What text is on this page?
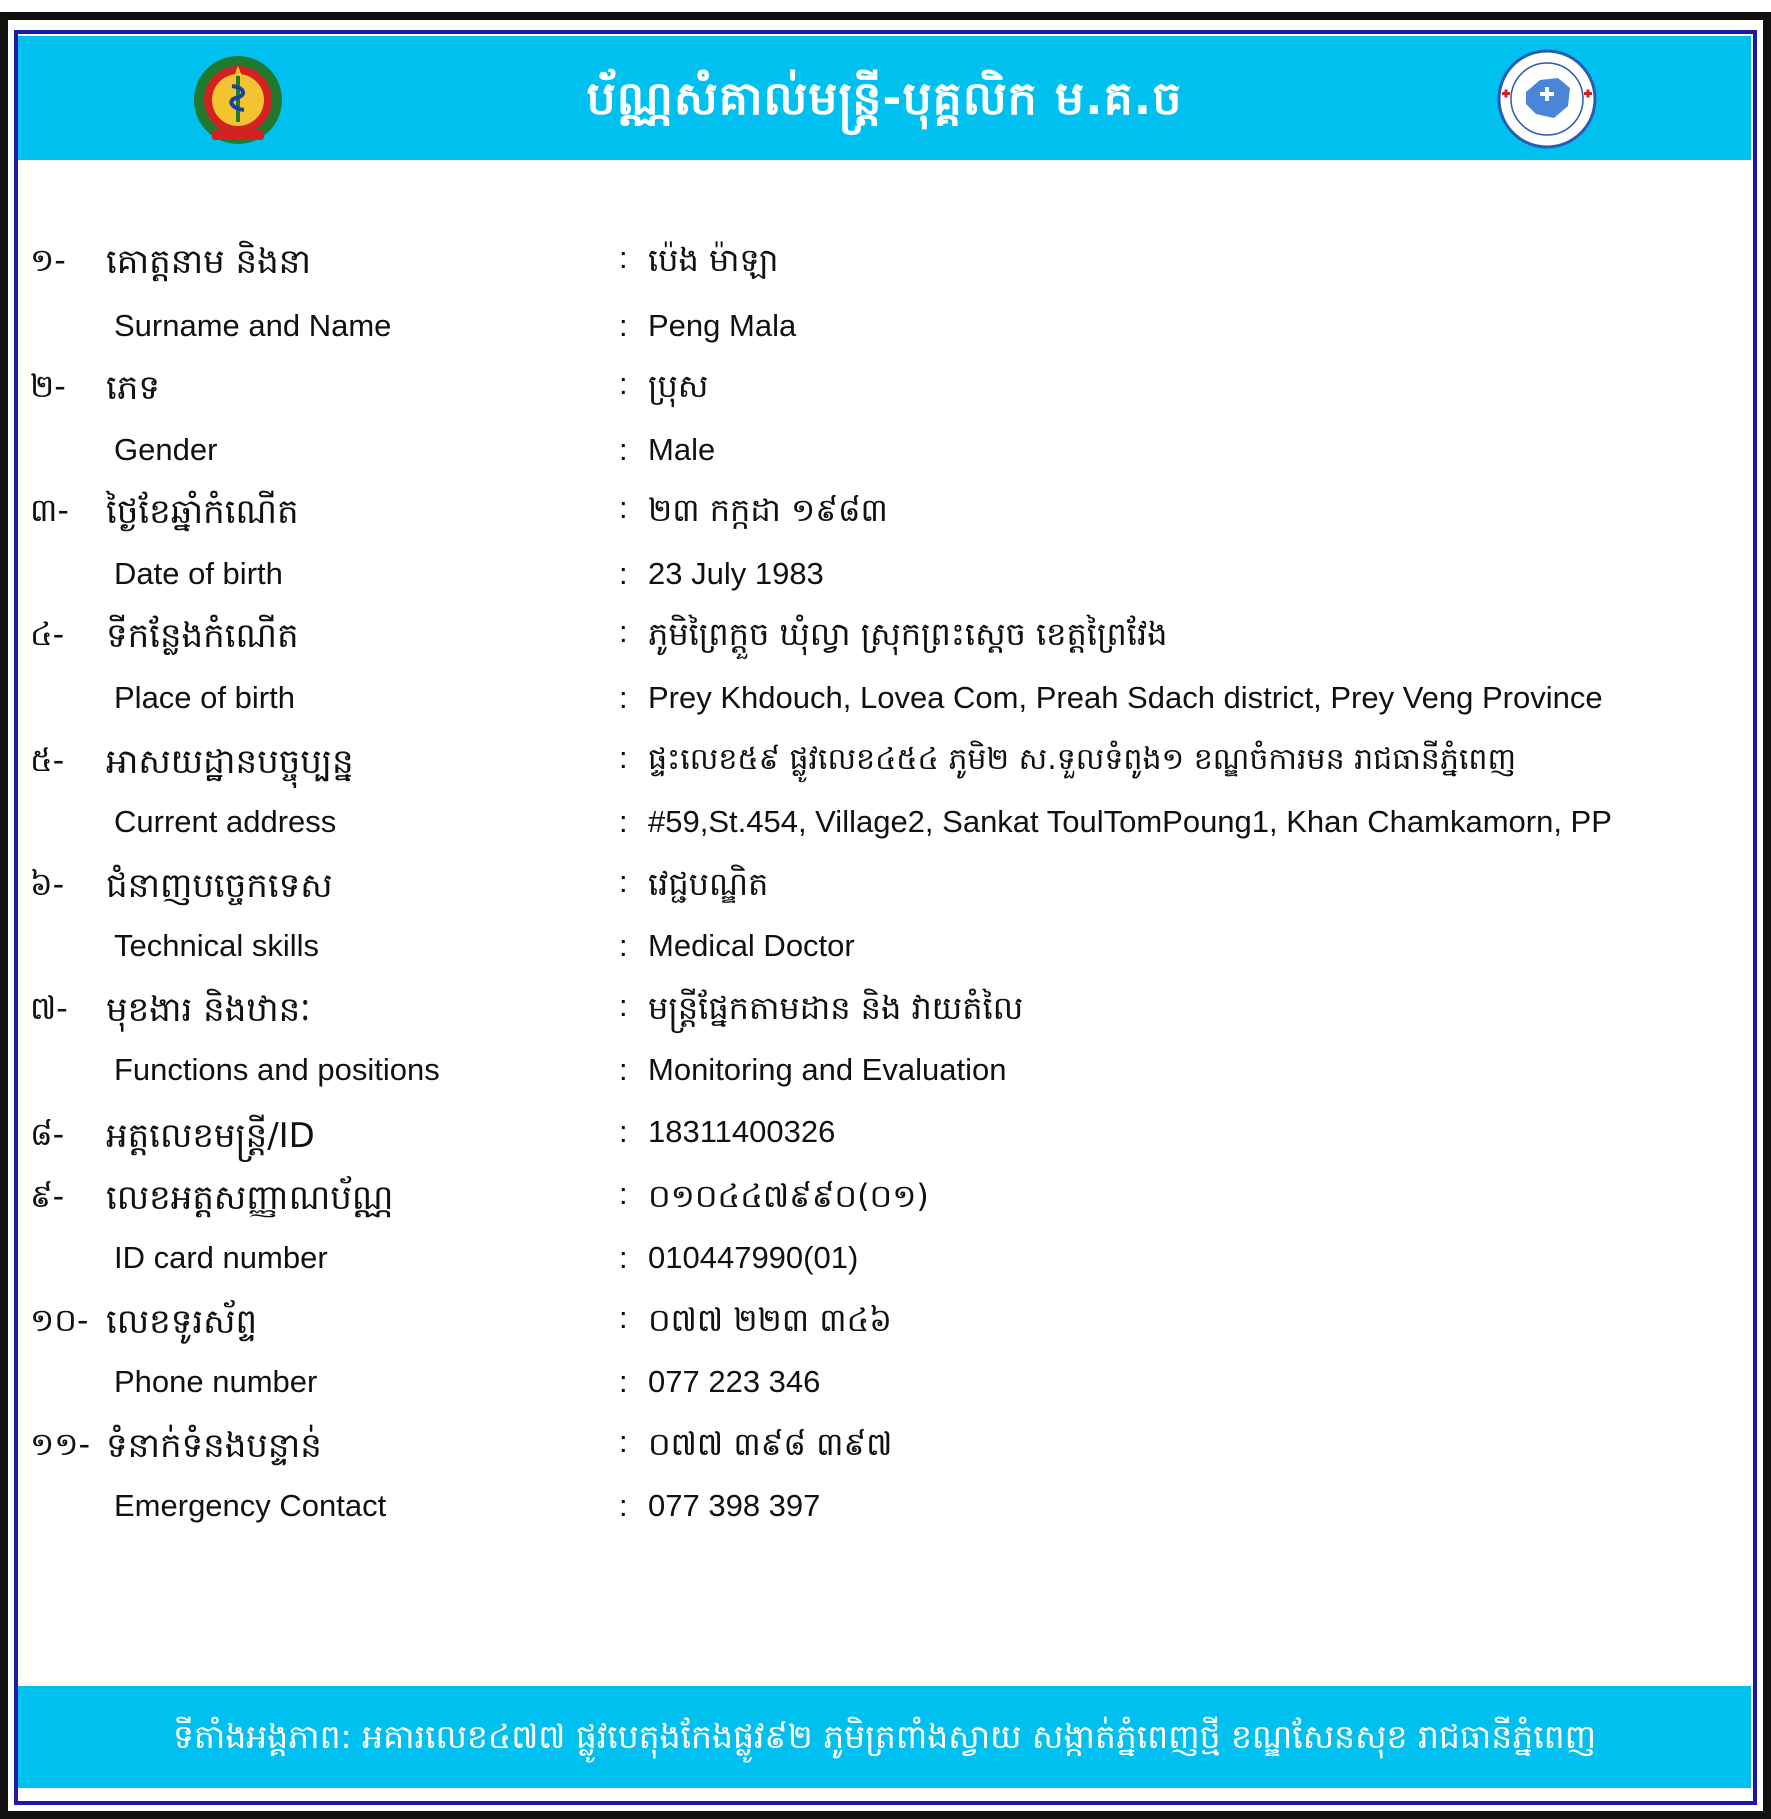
ប័ណ្ណសំគាល់មន្ត្រី-បុគ្គលិក ម.គ.ច
១- គោត្តនាម និងនា	: ប៉េង ម៉ាឡា
Surname and Name	: Peng Mala
២- ភេទ	: ប្រុស
Gender	: Male
៣- ថ្ងៃខែឆ្នាំកំណើត	: ២៣ កក្កដា ១៩៨៣
Date of birth	: 23 July 1983
៤- ទីកន្លែងកំណើត	: ភូមិព្រៃក្ដួច ឃុំល្វា ស្រុកព្រះស្ដេច ខេត្តព្រៃវែង
Place of birth	: Prey Khdouch, Lovea Com, Preah Sdach district, Prey Veng Province
៥- អាសយដ្ឋានបច្ចុប្បន្ន	: ផ្ទះលេខ៥៩ ផ្លូវលេខ៤៥៤ ភូមិ២ ស.ទួលទំពូង១ ខណ្ឌចំការមន រាជធានីភ្នំពេញ
Current address	: #59,St.454, Village2, Sankat ToulTomPoung1, Khan Chamkamorn, PP
៦- ជំនាញបច្ចេកទេស	: វេជ្ជបណ្ឌិត
Technical skills	: Medical Doctor
៧- មុខងារ និងឋានៈ	: មន្ត្រីផ្នែកតាមដាន និង វាយតំលៃ
Functions and positions	: Monitoring and Evaluation
៨- អត្តលេខមន្ត្រី/ID	: 18311400326
៩- លេខអត្តសញ្ញាណប័ណ្ណ	: ០១០៤៤៧៩៩០(០១)
ID card number	: 010447990(01)
១០- លេខទូរស័ព្ទ	: ០៧៧ ២២៣ ៣៤៦
Phone number	: 077 223 346
១១- ទំនាក់ទំនងបន្ទាន់	: ០៧៧ ៣៩៨ ៣៩៧
Emergency Contact	: 077 398 397
ទីតាំងអង្គភាព: អគារលេខ៤៧៧ ផ្លូវបេតុងកែងផ្លូវ៩២ ភូមិត្រពាំងស្វាយ សង្កាត់ភ្នំពេញថ្មី ខណ្ឌសែនសុខ រាជធានីភ្នំពេញ
